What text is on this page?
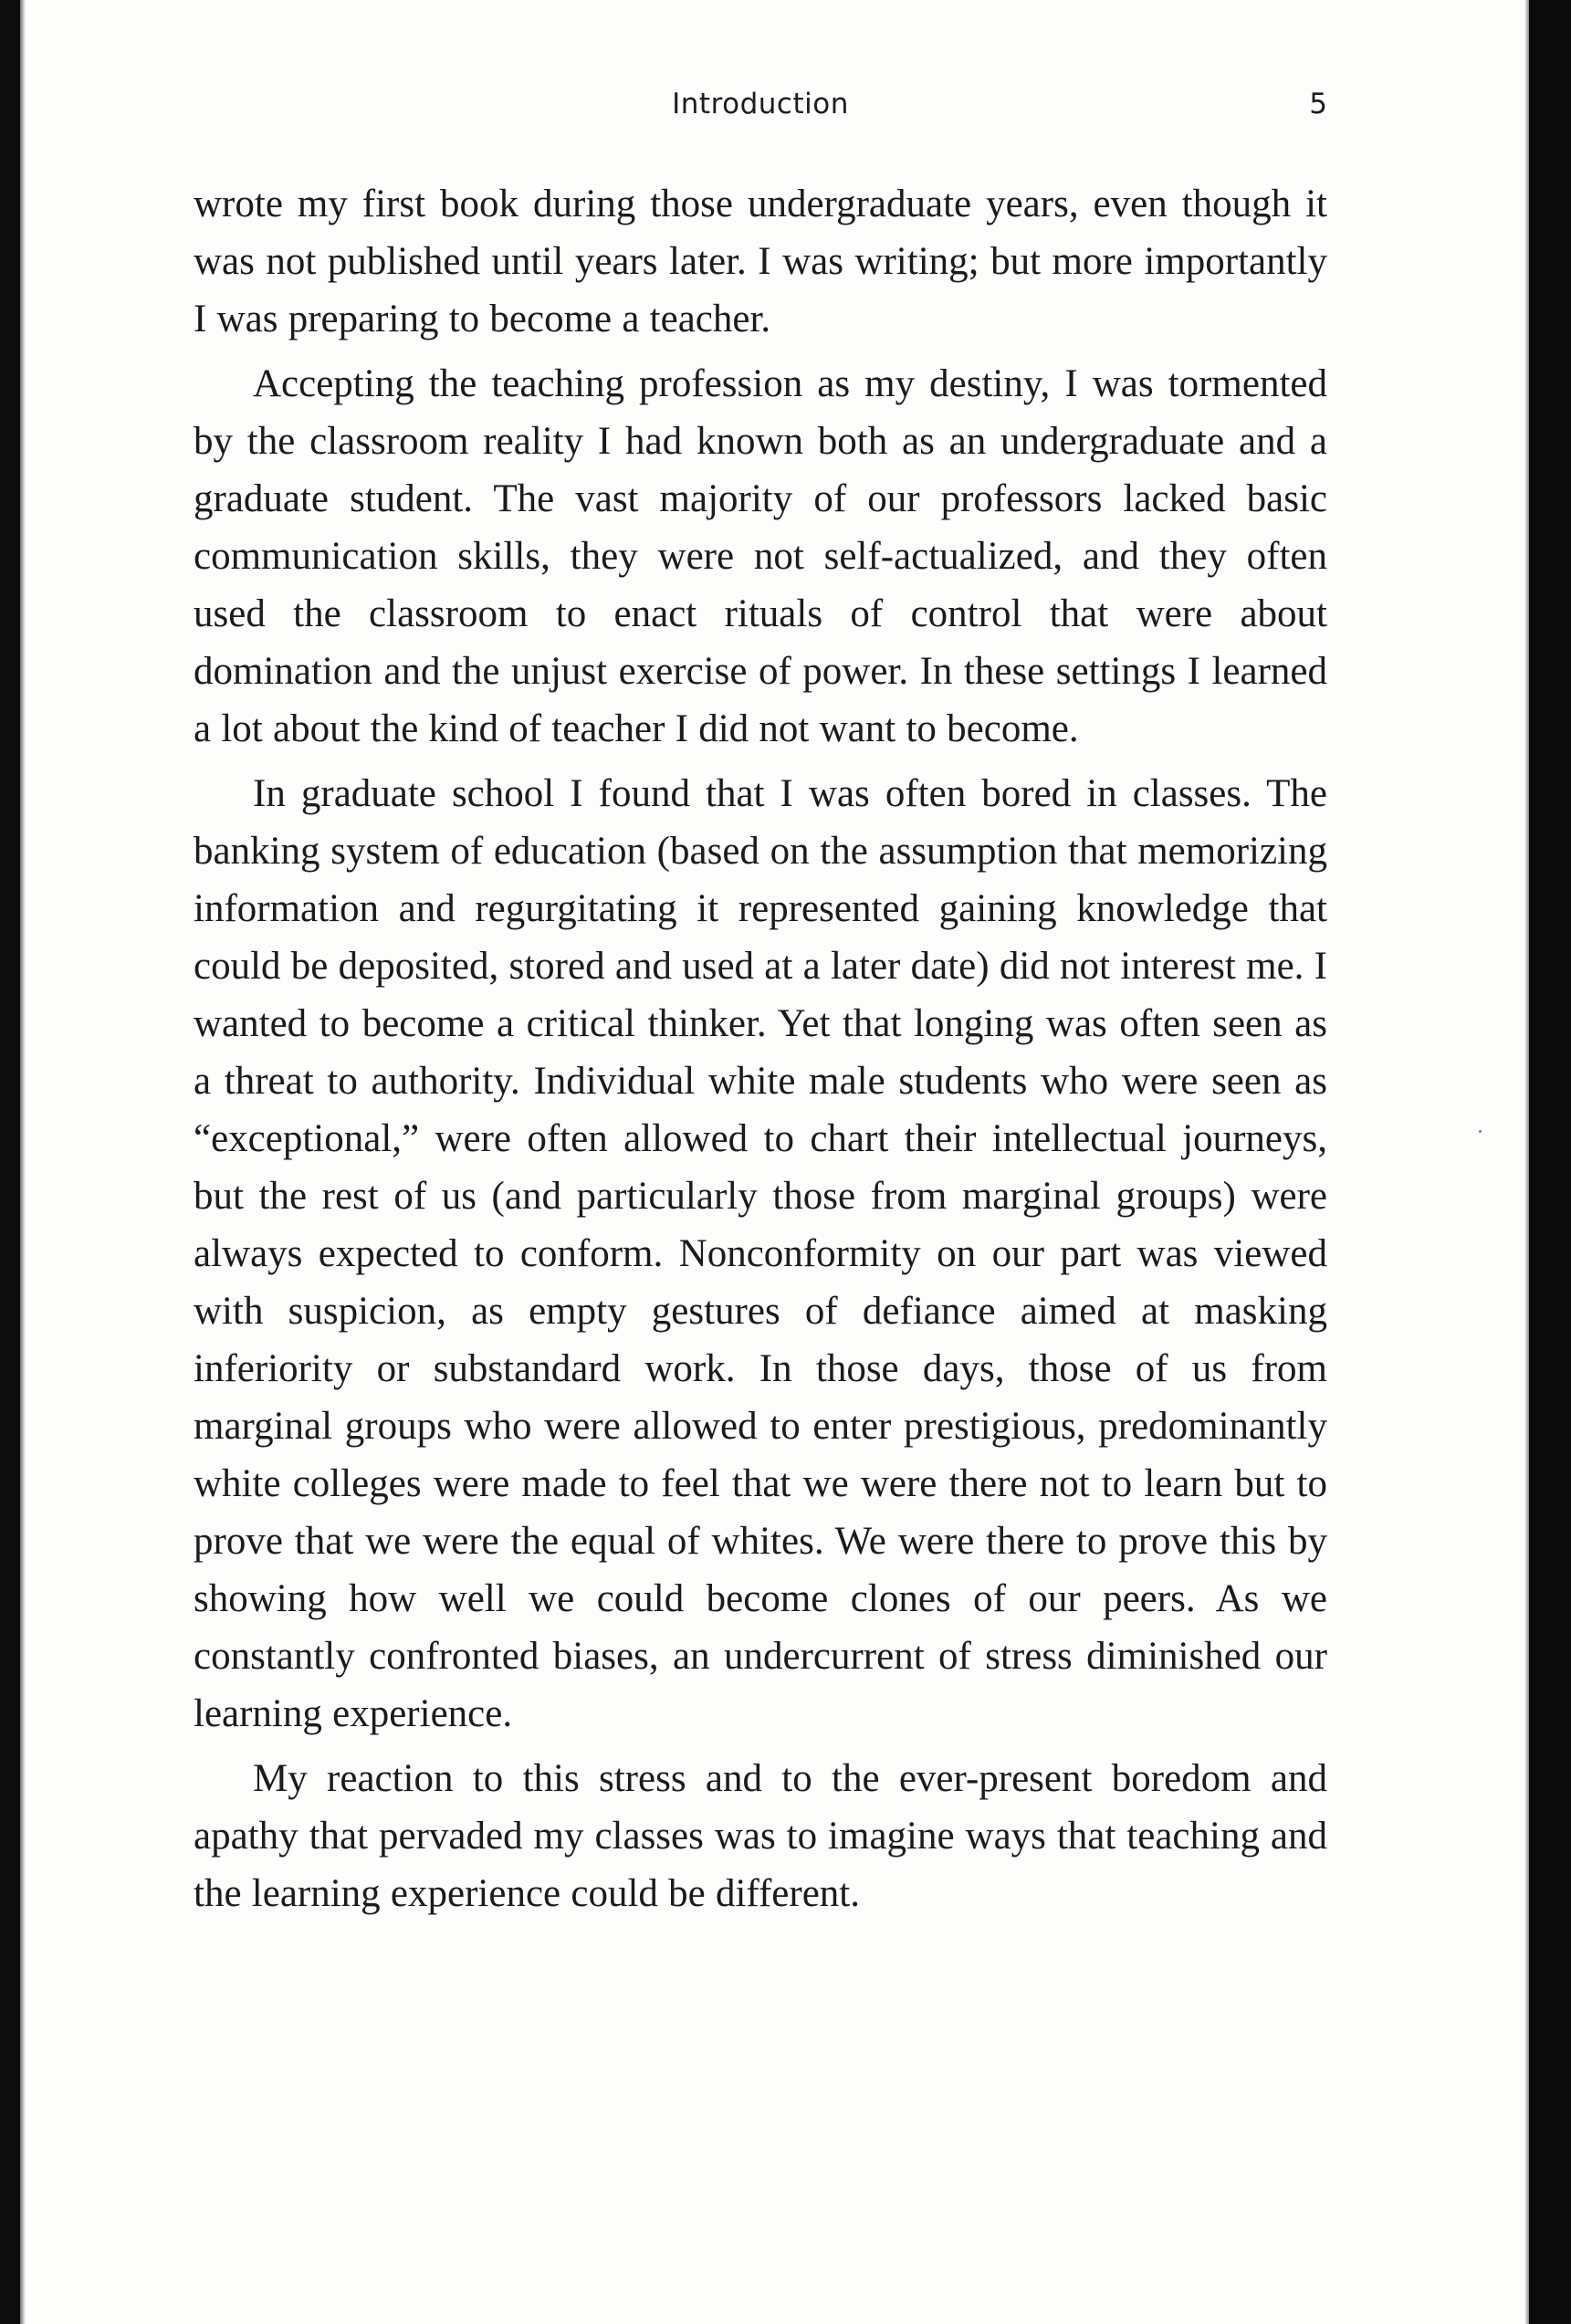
Introduction	5

wrote my first book during those undergraduate years, even though it was not published until years later. I was writing; but more importantly I was preparing to become a teacher.

Accepting the teaching profession as my destiny, I was tormented by the classroom reality I had known both as an undergraduate and a graduate student. The vast majority of our professors lacked basic communication skills, they were not self-actualized, and they often used the classroom to enact rituals of control that were about domination and the unjust exercise of power. In these settings I learned a lot about the kind of teacher I did not want to become.

In graduate school I found that I was often bored in classes. The banking system of education (based on the assumption that memorizing information and regurgitating it represented gaining knowledge that could be deposited, stored and used at a later date) did not interest me. I wanted to become a critical thinker. Yet that longing was often seen as a threat to authority. Individual white male students who were seen as “exceptional,” were often allowed to chart their intellectual journeys, but the rest of us (and particularly those from marginal groups) were always expected to conform. Nonconformity on our part was viewed with suspicion, as empty gestures of defiance aimed at masking inferiority or substandard work. In those days, those of us from marginal groups who were allowed to enter prestigious, predominantly white colleges were made to feel that we were there not to learn but to prove that we were the equal of whites. We were there to prove this by showing how well we could become clones of our peers. As we constantly confronted biases, an undercurrent of stress diminished our learning experience.

My reaction to this stress and to the ever-present boredom and apathy that pervaded my classes was to imagine ways that teaching and the learning experience could be different.
